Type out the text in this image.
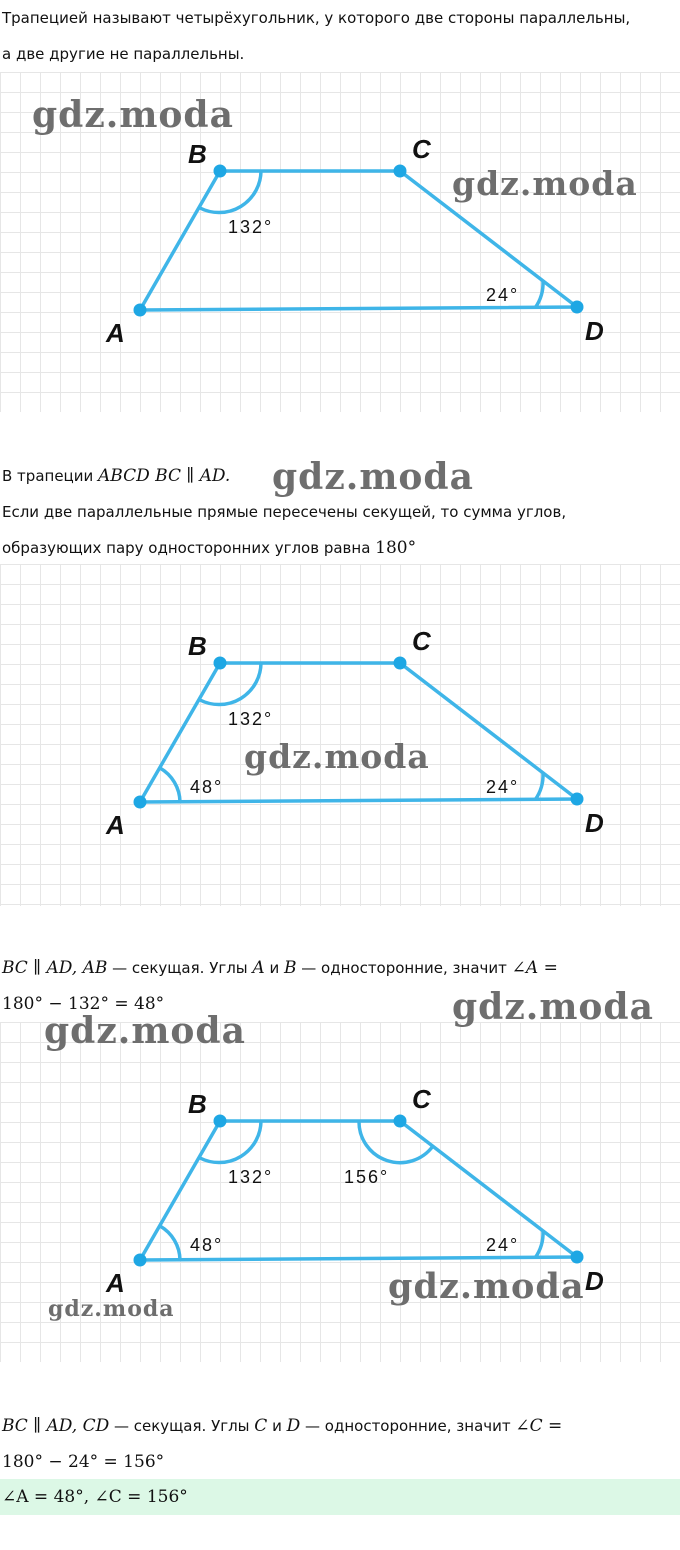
Трапецией называют четырёхугольник, у которого две стороны параллельны,

а две другие не параллельны.

A
B	C
D
132°
24°
gdz.moda
gdz.moda

В трапеции ABCD BC ∥ AD. gdz.moda

Если две параллельные прямые пересечены секущей, то сумма углов,

образующих пару односторонних углов равна 180°

A
B	C
D
132°
24°
48°
gdz.moda

BC ∥ AD, AB — секущая. Углы A и B — односторонние, значит ∠A =

180° − 132° = 48°

A
B	C
D
132°
24°
48°
156°
gdz.moda
gdz.moda
gdz.moda
gdz.moda

BC ∥ AD, CD — секущая. Углы C и D — односторонние, значит ∠C =

180° − 24° = 156°

∠A = 48°, ∠C = 156°
